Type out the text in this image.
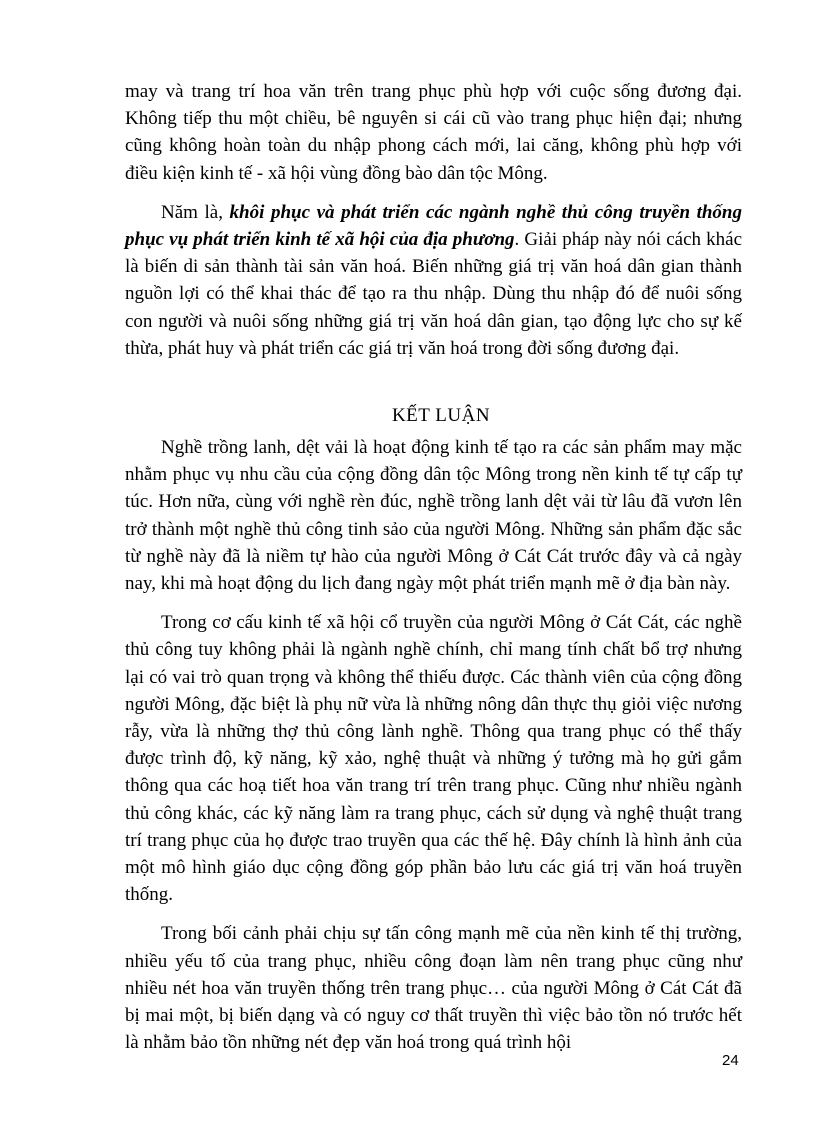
may và trang trí hoa văn trên trang phục phù hợp với cuộc sống đương đại. Không tiếp thu một chiều, bê nguyên si cái cũ vào trang phục hiện đại; nhưng cũng không hoàn toàn du nhập phong cách mới, lai căng, không phù hợp với điều kiện kinh tế - xã hội vùng đồng bào dân tộc Mông.

Năm là, khôi phục và phát triển các ngành nghề thủ công truyền thống phục vụ phát triển kinh tế xã hội của địa phương. Giải pháp này nói cách khác là biến di sản thành tài sản văn hoá. Biến những giá trị văn hoá dân gian thành nguồn lợi có thể khai thác để tạo ra thu nhập. Dùng thu nhập đó để nuôi sống con người và nuôi sống những giá trị văn hoá dân gian, tạo động lực cho sự kế thừa, phát huy và phát triển các giá trị văn hoá trong đời sống đương đại.

KẾT LUẬN

Nghề trồng lanh, dệt vải là hoạt động kinh tế tạo ra các sản phẩm may mặc nhằm phục vụ nhu cầu của cộng đồng dân tộc Mông trong nền kinh tế tự cấp tự túc. Hơn nữa, cùng với nghề rèn đúc, nghề trồng lanh dệt vải từ lâu đã vươn lên trở thành một nghề thủ công tinh sảo của người Mông. Những sản phẩm đặc sắc từ nghề này đã là niềm tự hào của người Mông ở Cát Cát trước đây và cả ngày nay, khi mà hoạt động du lịch đang ngày một phát triển mạnh mẽ ở địa bàn này.

Trong cơ cấu kinh tế xã hội cổ truyền của người Mông ở Cát Cát, các nghề thủ công tuy không phải là ngành nghề chính, chỉ mang tính chất bổ trợ nhưng lại có vai trò quan trọng và không thể thiếu được. Các thành viên của cộng đồng người Mông, đặc biệt là phụ nữ vừa là những nông dân thực thụ giỏi việc nương rẫy, vừa là những thợ thủ công lành nghề. Thông qua trang phục có thể thấy được trình độ, kỹ năng, kỹ xảo, nghệ thuật và những ý tưởng mà họ gửi gắm thông qua các hoạ tiết hoa văn trang trí trên trang phục. Cũng như nhiều ngành thủ công khác, các kỹ năng làm ra trang phục, cách sử dụng và nghệ thuật trang trí trang phục của họ được trao truyền qua các thế hệ. Đây chính là hình ảnh của một mô hình giáo dục cộng đồng góp phần bảo lưu các giá trị văn hoá truyền thống.

Trong bối cảnh phải chịu sự tấn công mạnh mẽ của nền kinh tế thị trường, nhiều yếu tố của trang phục, nhiều công đoạn làm nên trang phục cũng như nhiều nét hoa văn truyền thống trên trang phục… của người Mông ở Cát Cát đã bị mai một, bị biến dạng và có nguy cơ thất truyền thì việc bảo tồn nó trước hết là nhằm bảo tồn những nét đẹp văn hoá trong quá trình hội

24
